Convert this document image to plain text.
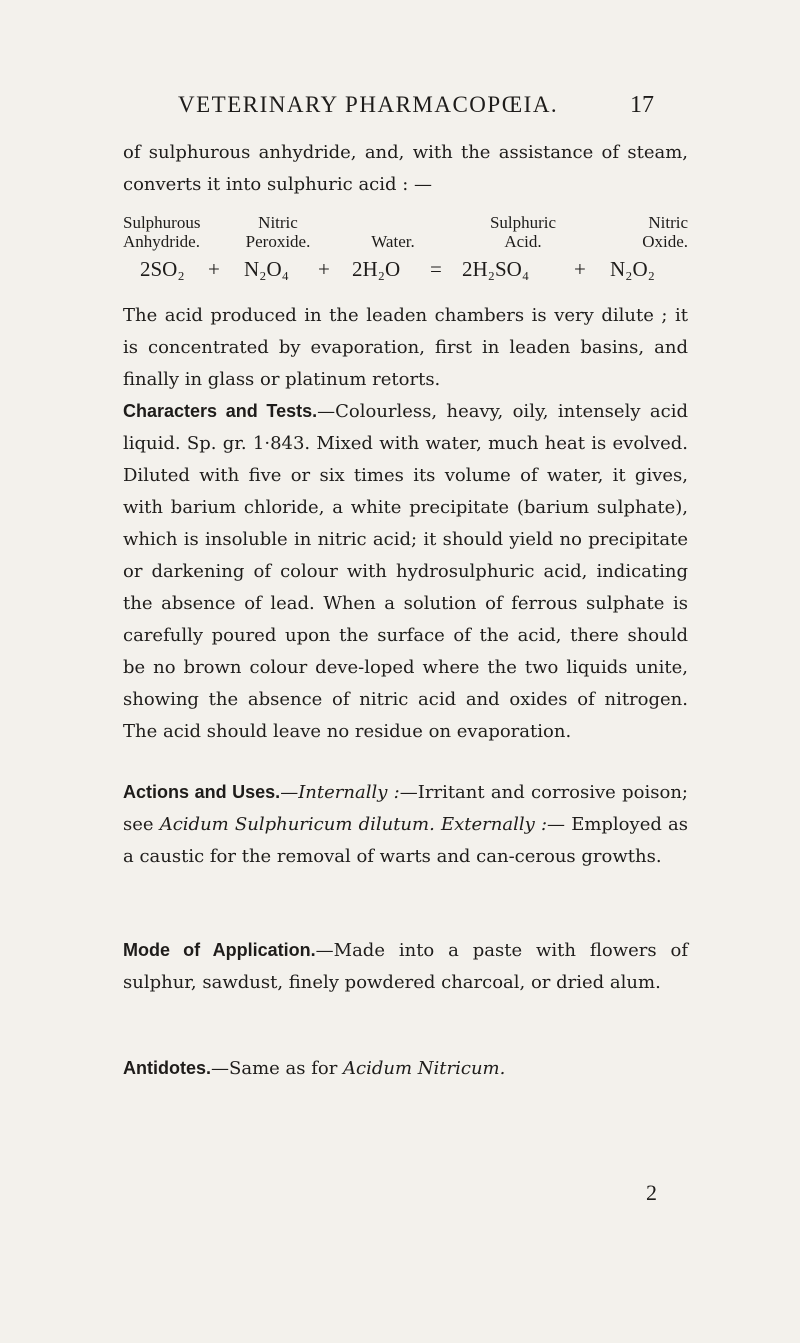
VETERINARY PHARMACOPŒIA.	17

of sulphurous anhydride, and, with the assistance of steam, converts it into sulphuric acid : —

Sulphurous
Anhydride.
Nitric
Peroxide.
	Water.
Sulphuric
Acid.
Nitric
Oxide.
2SO₂ + N₂O₄ + 2H₂O = 2H₂SO₄ + N₂O₂

The acid produced in the leaden chambers is very dilute ; it is concentrated by evaporation, first in leaden basins, and finally in glass or platinum retorts.

Characters and Tests.—Colourless, heavy, oily, intensely acid liquid. Sp. gr. 1·843. Mixed with water, much heat is evolved. Diluted with five or six times its volume of water, it gives, with barium chloride, a white precipitate (barium sulphate), which is insoluble in nitric acid; it should yield no precipitate or darkening of colour with hydrosulphuric acid, indicating the absence of lead. When a solution of ferrous sulphate is carefully poured upon the surface of the acid, there should be no brown colour deve-loped where the two liquids unite, showing the absence of nitric acid and oxides of nitrogen. The acid should leave no residue on evaporation.

Actions and Uses.—Internally :—Irritant and corrosive poison; see Acidum Sulphuricum dilutum. Externally :— Employed as a caustic for the removal of warts and can-cerous growths.

Mode of Application.—Made into a paste with flowers of sulphur, sawdust, finely powdered charcoal, or dried alum.

Antidotes.—Same as for Acidum Nitricum.

2
